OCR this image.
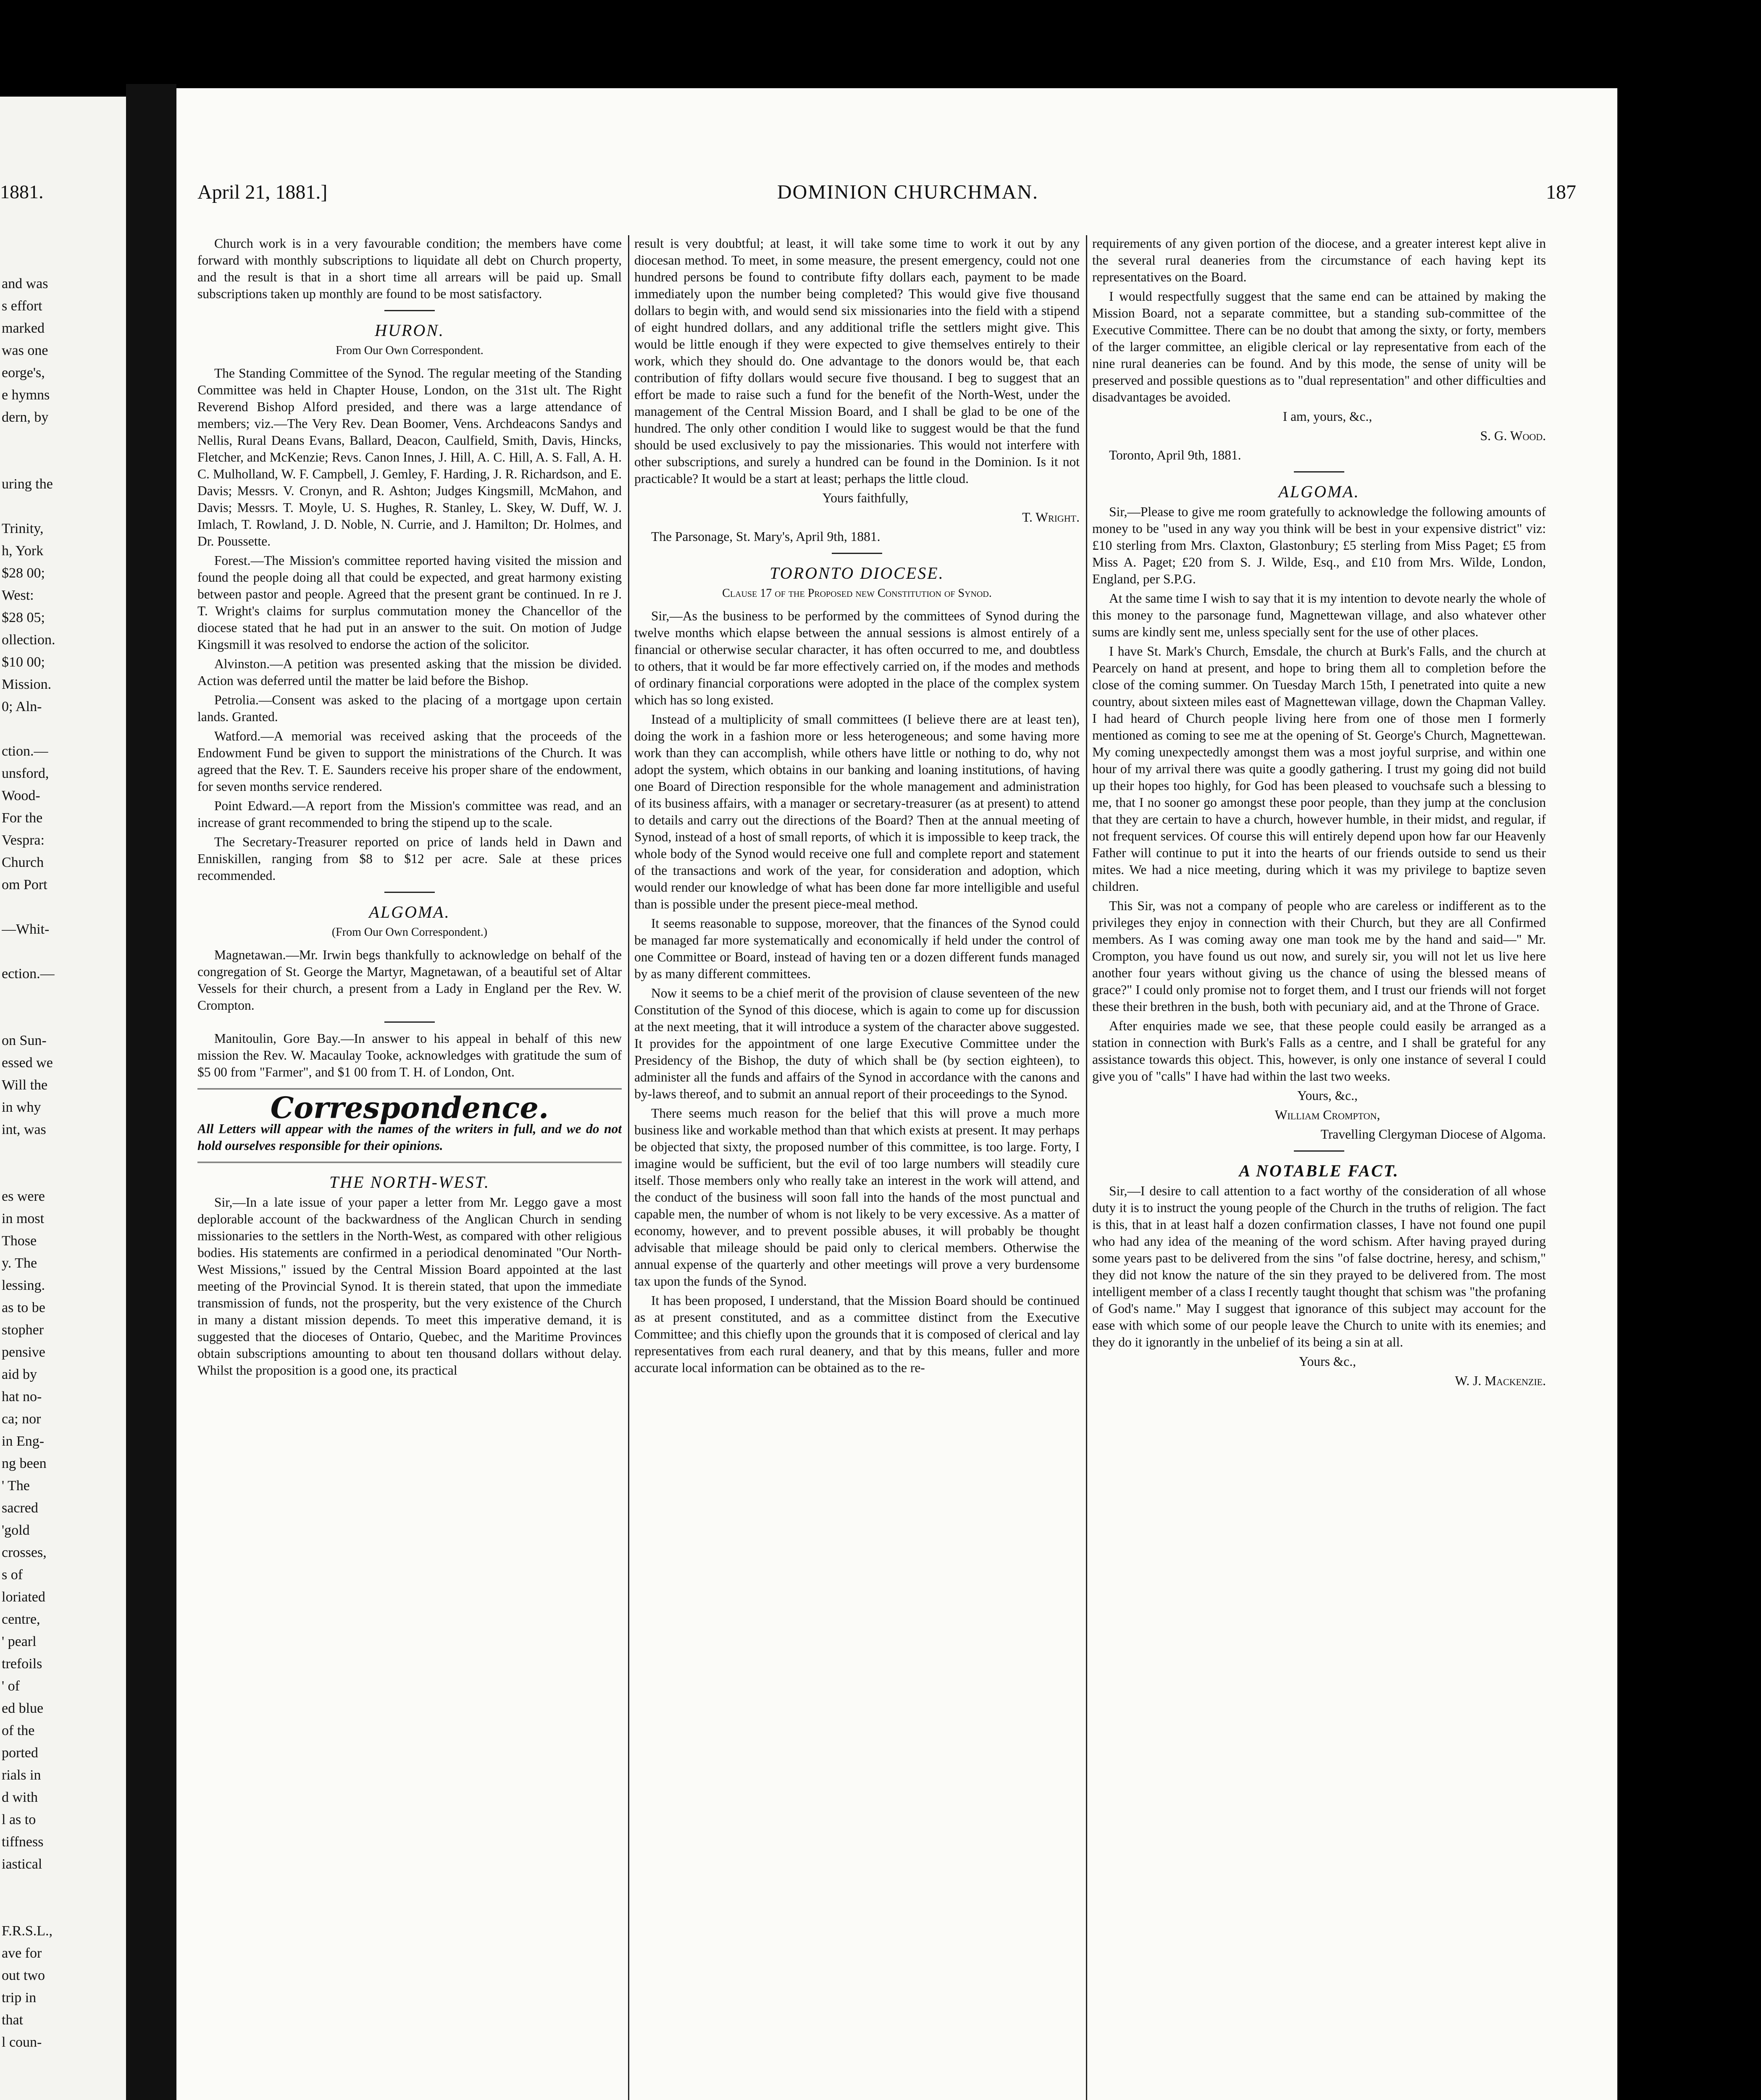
1881.
and was
s effort
marked
was one
eorge's,
e hymns
dern, by
uring the
Trinity,
h, York
$28 00;
West:
$28 05;
ollection.
$10 00;
Mission.
0; Aln-
ction.—
unsford,
Wood-
For the
Vespra:
Church
om Port
—Whit-
ection.—
on Sun-
essed we
Will the
in why
int, was
es were
in most
Those
y. The
lessing.
as to be
stopher
pensive
aid by
hat no-
ca; nor
in Eng-
ng been
' The
sacred
'gold
crosses,
s of
loriated
centre,
' pearl
trefoils
' of
ed blue
of the
ported
rials in
d with
l as to
tiffness
iastical
F.R.S.L.,
ave for
out two
trip in
that
l coun-
April 21, 1881.]	DOMINION CHURCHMAN.	187

Church work is in a very favourable condition; the members have come forward with monthly subscriptions to liquidate all debt on Church property, and the result is that in a short time all arrears will be paid up. Small subscriptions taken up monthly are found to be most satisfactory.

HURON.
From Our Own Correspondent.

The Standing Committee of the Synod. The regular meeting of the Standing Committee was held in Chapter House, London, on the 31st ult. The Right Reverend Bishop Alford presided, and there was a large attendance of members; viz.—The Very Rev. Dean Boomer, Vens. Archdeacons Sandys and Nellis, Rural Deans Evans, Ballard, Deacon, Caulfield, Smith, Davis, Hincks, Fletcher, and McKenzie; Revs. Canon Innes, J. Hill, A. C. Hill, A. S. Fall, A. H. C. Mulholland, W. F. Campbell, J. Gemley, F. Harding, J. R. Richardson, and E. Davis; Messrs. V. Cronyn, and R. Ashton; Judges Kingsmill, McMahon, and Davis; Messrs. T. Moyle, U. S. Hughes, R. Stanley, L. Skey, W. Duff, W. J. Imlach, T. Rowland, J. D. Noble, N. Currie, and J. Hamilton; Dr. Holmes, and Dr. Poussette.

Forest.—The Mission's committee reported having visited the mission and found the people doing all that could be expected, and great harmony existing between pastor and people. Agreed that the present grant be continued. In re J. T. Wright's claims for surplus commutation money the Chancellor of the diocese stated that he had put in an answer to the suit. On motion of Judge Kingsmill it was resolved to endorse the action of the solicitor.

Alvinston.—A petition was presented asking that the mission be divided. Action was deferred until the matter be laid before the Bishop.

Petrolia.—Consent was asked to the placing of a mortgage upon certain lands. Granted.

Watford.—A memorial was received asking that the proceeds of the Endowment Fund be given to support the ministrations of the Church. It was agreed that the Rev. T. E. Saunders receive his proper share of the endowment, for seven months service rendered.

Point Edward.—A report from the Mission's committee was read, and an increase of grant recommended to bring the stipend up to the scale.

The Secretary-Treasurer reported on price of lands held in Dawn and Enniskillen, ranging from $8 to $12 per acre. Sale at these prices recommended.

ALGOMA.
(From Our Own Correspondent.)

Magnetawan.—Mr. Irwin begs thankfully to acknowledge on behalf of the congregation of St. George the Martyr, Magnetawan, of a beautiful set of Altar Vessels for their church, a present from a Lady in England per the Rev. W. Crompton.

Manitoulin, Gore Bay.—In answer to his appeal in behalf of this new mission the Rev. W. Macaulay Tooke, acknowledges with gratitude the sum of $5 00 from "Farmer", and $1 00 from T. H. of London, Ont.

Correspondence.

All Letters will appear with the names of the writers in full, and we do not hold ourselves responsible for their opinions.

THE NORTH-WEST.

Sir,—In a late issue of your paper a letter from Mr. Leggo gave a most deplorable account of the backwardness of the Anglican Church in sending missionaries to the settlers in the North-West, as compared with other religious bodies. His statements are confirmed in a periodical denominated "Our North-West Missions," issued by the Central Mission Board appointed at the last meeting of the Provincial Synod. It is therein stated, that upon the immediate transmission of funds, not the prosperity, but the very existence of the Church in many a distant mission depends. To meet this imperative demand, it is suggested that the dioceses of Ontario, Quebec, and the Maritime Provinces obtain subscriptions amounting to about ten thousand dollars without delay. Whilst the proposition is a good one, its practical

result is very doubtful; at least, it will take some time to work it out by any diocesan method. To meet, in some measure, the present emergency, could not one hundred persons be found to contribute fifty dollars each, payment to be made immediately upon the number being completed? This would give five thousand dollars to begin with, and would send six missionaries into the field with a stipend of eight hundred dollars, and any additional trifle the settlers might give. This would be little enough if they were expected to give themselves entirely to their work, which they should do. One advantage to the donors would be, that each contribution of fifty dollars would secure five thousand. I beg to suggest that an effort be made to raise such a fund for the benefit of the North-West, under the management of the Central Mission Board, and I shall be glad to be one of the hundred. The only other condition I would like to suggest would be that the fund should be used exclusively to pay the missionaries. This would not interfere with other subscriptions, and surely a hundred can be found in the Dominion. Is it not practicable? It would be a start at least; perhaps the little cloud.

Yours faithfully,

T. Wright.

The Parsonage, St. Mary's, April 9th, 1881.

TORONTO DIOCESE.
Clause 17 of the Proposed new Constitution of Synod.

Sir,—As the business to be performed by the committees of Synod during the twelve months which elapse between the annual sessions is almost entirely of a financial or otherwise secular character, it has often occurred to me, and doubtless to others, that it would be far more effectively carried on, if the modes and methods of ordinary financial corporations were adopted in the place of the complex system which has so long existed.

Instead of a multiplicity of small committees (I believe there are at least ten), doing the work in a fashion more or less heterogeneous; and some having more work than they can accomplish, while others have little or nothing to do, why not adopt the system, which obtains in our banking and loaning institutions, of having one Board of Direction responsible for the whole management and administration of its business affairs, with a manager or secretary-treasurer (as at present) to attend to details and carry out the directions of the Board? Then at the annual meeting of Synod, instead of a host of small reports, of which it is impossible to keep track, the whole body of the Synod would receive one full and complete report and statement of the transactions and work of the year, for consideration and adoption, which would render our knowledge of what has been done far more intelligible and useful than is possible under the present piece-meal method.

It seems reasonable to suppose, moreover, that the finances of the Synod could be managed far more systematically and economically if held under the control of one Committee or Board, instead of having ten or a dozen different funds managed by as many different committees.

Now it seems to be a chief merit of the provision of clause seventeen of the new Constitution of the Synod of this diocese, which is again to come up for discussion at the next meeting, that it will introduce a system of the character above suggested. It provides for the appointment of one large Executive Committee under the Presidency of the Bishop, the duty of which shall be (by section eighteen), to administer all the funds and affairs of the Synod in accordance with the canons and by-laws thereof, and to submit an annual report of their proceedings to the Synod.

There seems much reason for the belief that this will prove a much more business like and workable method than that which exists at present. It may perhaps be objected that sixty, the proposed number of this committee, is too large. Forty, I imagine would be sufficient, but the evil of too large numbers will steadily cure itself. Those members only who really take an interest in the work will attend, and the conduct of the business will soon fall into the hands of the most punctual and capable men, the number of whom is not likely to be very excessive. As a matter of economy, however, and to prevent possible abuses, it will probably be thought advisable that mileage should be paid only to clerical members. Otherwise the annual expense of the quarterly and other meetings will prove a very burdensome tax upon the funds of the Synod.

It has been proposed, I understand, that the Mission Board should be continued as at present constituted, and as a committee distinct from the Executive Committee; and this chiefly upon the grounds that it is composed of clerical and lay representatives from each rural deanery, and that by this means, fuller and more accurate local information can be obtained as to the re-

requirements of any given portion of the diocese, and a greater interest kept alive in the several rural deaneries from the circumstance of each having kept its representatives on the Board.

I would respectfully suggest that the same end can be attained by making the Mission Board, not a separate committee, but a standing sub-committee of the Executive Committee. There can be no doubt that among the sixty, or forty, members of the larger committee, an eligible clerical or lay representative from each of the nine rural deaneries can be found. And by this mode, the sense of unity will be preserved and possible questions as to "dual representation" and other difficulties and disadvantages be avoided.

I am, yours, &c.,

S. G. Wood.

Toronto, April 9th, 1881.

ALGOMA.

Sir,—Please to give me room gratefully to acknowledge the following amounts of money to be "used in any way you think will be best in your expensive district" viz: £10 sterling from Mrs. Claxton, Glastonbury; £5 sterling from Miss Paget; £5 from Miss A. Paget; £20 from S. J. Wilde, Esq., and £10 from Mrs. Wilde, London, England, per S.P.G.

At the same time I wish to say that it is my intention to devote nearly the whole of this money to the parsonage fund, Magnettewan village, and also whatever other sums are kindly sent me, unless specially sent for the use of other places.

I have St. Mark's Church, Emsdale, the church at Burk's Falls, and the church at Pearcely on hand at present, and hope to bring them all to completion before the close of the coming summer. On Tuesday March 15th, I penetrated into quite a new country, about sixteen miles east of Magnettewan village, down the Chapman Valley. I had heard of Church people living here from one of those men I formerly mentioned as coming to see me at the opening of St. George's Church, Magnettewan. My coming unexpectedly amongst them was a most joyful surprise, and within one hour of my arrival there was quite a goodly gathering. I trust my going did not build up their hopes too highly, for God has been pleased to vouchsafe such a blessing to me, that I no sooner go amongst these poor people, than they jump at the conclusion that they are certain to have a church, however humble, in their midst, and regular, if not frequent services. Of course this will entirely depend upon how far our Heavenly Father will continue to put it into the hearts of our friends outside to send us their mites. We had a nice meeting, during which it was my privilege to baptize seven children.

This Sir, was not a company of people who are careless or indifferent as to the privileges they enjoy in connection with their Church, but they are all Confirmed members. As I was coming away one man took me by the hand and said—" Mr. Crompton, you have found us out now, and surely sir, you will not let us live here another four years without giving us the chance of using the blessed means of grace?" I could only promise not to forget them, and I trust our friends will not forget these their brethren in the bush, both with pecuniary aid, and at the Throne of Grace.

After enquiries made we see, that these people could easily be arranged as a station in connection with Burk's Falls as a centre, and I shall be grateful for any assistance towards this object. This, however, is only one instance of several I could give you of "calls" I have had within the last two weeks.

Yours, &c.,

William Crompton,

Travelling Clergyman Diocese of Algoma.

A NOTABLE FACT.

Sir,—I desire to call attention to a fact worthy of the consideration of all whose duty it is to instruct the young people of the Church in the truths of religion. The fact is this, that in at least half a dozen confirmation classes, I have not found one pupil who had any idea of the meaning of the word schism. After having prayed during some years past to be delivered from the sins "of false doctrine, heresy, and schism," they did not know the nature of the sin they prayed to be delivered from. The most intelligent member of a class I recently taught thought that schism was "the profaning of God's name." May I suggest that ignorance of this subject may account for the ease with which some of our people leave the Church to unite with its enemies; and they do it ignorantly in the unbelief of its being a sin at all.

Yours &c.,

W. J. Mackenzie.
